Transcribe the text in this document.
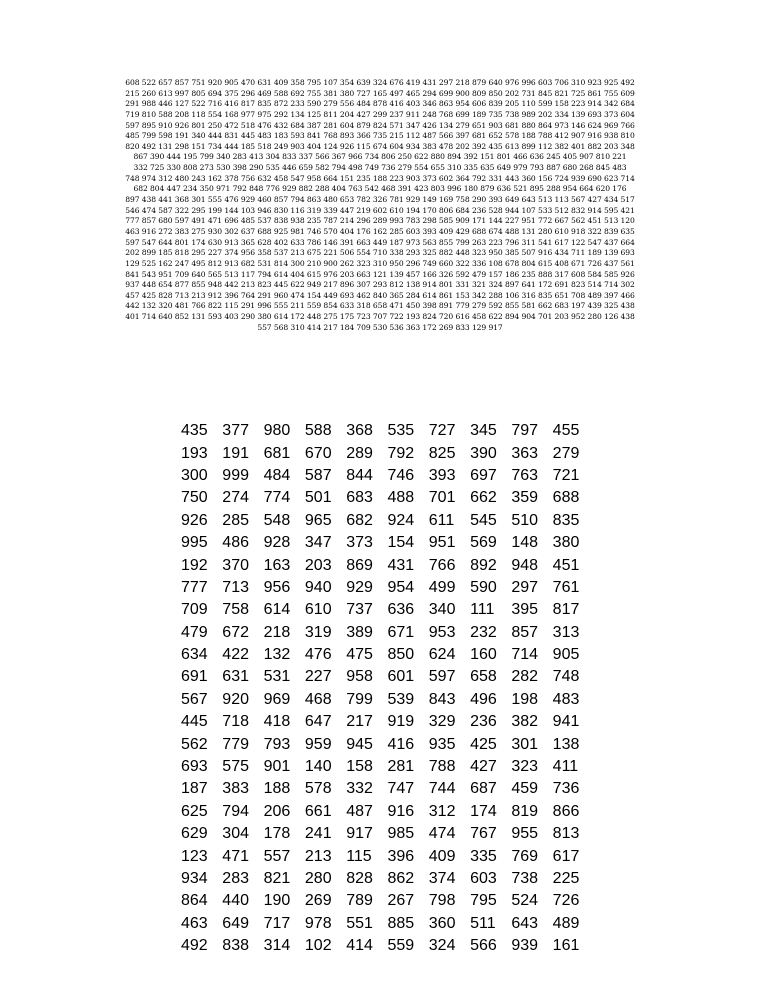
608 522 657 857 751 920 905 470 631 409 358 795 107 354 639 324 676 419 431 297 218 879 640 976 996 603 706 310 923 925 492
215 260 613 997 805 694 375 296 469 588 692 755 381 380 727 165 497 465 294 699 900 809 850 202 731 845 821 725 861 755 609
291 988 446 127 522 716 416 817 835 872 233 590 279 556 484 878 416 403 346 863 954 606 839 205 110 599 158 223 914 342 684
719 810 588 208 118 554 168 977 975 292 134 125 811 204 427 299 237 911 248 768 699 189 735 738 989 202 334 139 693 373 604
597 895 910 926 801 250 472 518 476 432 684 387 281 604 879 824 571 347 426 134 279 651 903 681 880 864 973 146 624 969 766
485 799 598 191 340 444 831 445 483 183 593 841 768 893 366 735 215 112 487 566 397 681 652 578 188 788 412 907 916 938 810
820 492 131 298 151 734 444 185 518 249 903 404 124 926 115 674 604 934 383 478 202 392 435 613 899 112 382 401 882 203 348
867 390 444 195 799 340 283 413 304 833 337 566 367 966 734 806 250 622 880 894 392 151 801 466 636 245 405 907 810 221
332 725 330 808 273 530 398 290 535 446 659 582 794 498 749 736 279 554 655 310 335 635 649 979 793 887 680 268 845 483
748 974 312 480 243 162 378 756 632 458 547 958 664 151 235 188 223 903 373 602 364 792 331 443 360 156 724 939 690 623 714
682 804 447 234 350 971 792 848 776 929 882 288 404 763 542 468 391 423 803 996 180 879 636 521 895 288 954 664 620 176
897 438 441 368 301 555 476 929 460 857 794 863 480 653 782 326 781 929 149 169 758 290 393 649 643 513 113 567 427 434 517
546 474 587 322 295 199 144 103 946 830 116 319 339 447 219 602 610 194 170 806 684 236 528 944 107 533 512 832 914 595 421
777 857 680 597 491 471 696 485 537 838 938 235 787 214 296 289 993 783 298 585 909 171 144 227 951 772 667 562 451 513 120
463 916 272 383 275 930 302 637 688 925 981 746 570 404 176 162 285 603 393 409 429 688 674 488 131 280 610 918 322 839 635
597 547 644 801 174 630 913 365 628 402 633 786 146 391 663 449 187 973 563 855 799 263 223 796 311 541 617 122 547 437 664
202 899 185 818 295 227 374 956 358 537 213 675 221 506 554 710 338 293 325 882 448 323 950 385 507 916 434 711 189 139 693
129 525 162 247 495 812 913 682 531 814 300 210 900 262 323 310 950 296 749 660 322 336 108 678 804 615 408 671 726 437 561
841 543 951 709 640 565 513 117 794 614 404 615 976 203 663 121 139 457 166 326 592 479 157 186 235 888 317 608 584 585 926
937 448 654 877 855 948 442 213 823 445 622 949 217 896 307 293 812 138 914 801 331 321 324 897 641 172 691 823 514 714 302
457 425 828 713 213 912 396 764 291 960 474 154 449 693 462 840 365 284 614 861 153 342 288 106 316 835 651 708 489 397 466
442 132 320 481 766 822 115 291 996 555 211 559 854 633 318 658 471 450 398 891 779 279 592 855 581 662 683 197 439 325 438
401 714 640 852 131 593 403 290 380 614 172 448 275 175 723 707 722 193 824 720 616 458 622 894 904 701 203 952 280 126 438
557 568 310 414 217 184 709 530 536 363 172 269 833 129 917
435 377 980 588 368 535 727 345 797 455
193 191 681 670 289 792 825 390 363 279
300 999 484 587 844 746 393 697 763 721
750 274 774 501 683 488 701 662 359 688
926 285 548 965 682 924 611 545 510 835
995 486 928 347 373 154 951 569 148 380
192 370 163 203 869 431 766 892 948 451
777 713 956 940 929 954 499 590 297 761
709 758 614 610 737 636 340 111	395 817
479 672 218 319 389 671 953 232 857 313
634 422 132 476 475 850 624 160 714 905
691 631 531 227 958 601 597 658 282 748
567 920 969 468 799 539 843 496 198 483
445 718 418 647 217 919 329 236 382 941
562 779 793 959 945 416 935 425 301 138
693 575 901 140 158 281 788 427 323 411
187 383 188 578 332 747 744 687 459 736
625 794 206 661 487 916 312 174 819 866
629 304 178 241 917 985 474 767 955 813
123 471 557 213 115 396 409 335 769 617
934 283 821 280 828 862 374 603 738 225
864 440 190 269 789 267 798 795 524 726
463 649 717 978 551 885 360 511 643 489
492 838 314 102 414 559 324 566 939 161
